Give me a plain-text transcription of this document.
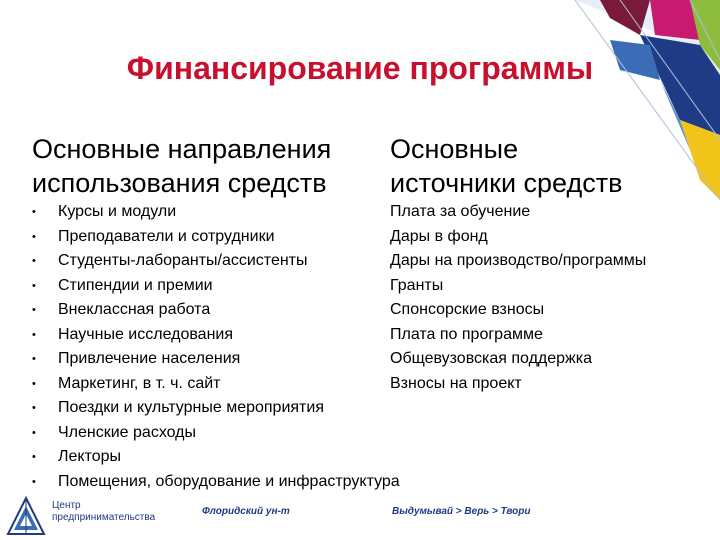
Финансирование программы
Основные направления
использования средств
Основные
источники средств
• Курсы и модули
• Преподаватели и сотрудники
• Студенты-лаборанты/ассистенты
• Стипендии и премии
• Внеклассная работа
• Научные исследования
• Привлечение населения
• Маркетинг, в т. ч. сайт
• Поездки и культурные мероприятия
• Членские расходы
• Лекторы
• Помещения, оборудование и инфраструктура
Плата за обучение
Дары в фонд
Дары на производство/программы
Гранты
Спонсорские взносы
Плата по программе
Общевузовская поддержка
Взносы на проект
Центр
предпринимательства
Флоридский ун-т	Выдумывай > Верь > Твори
